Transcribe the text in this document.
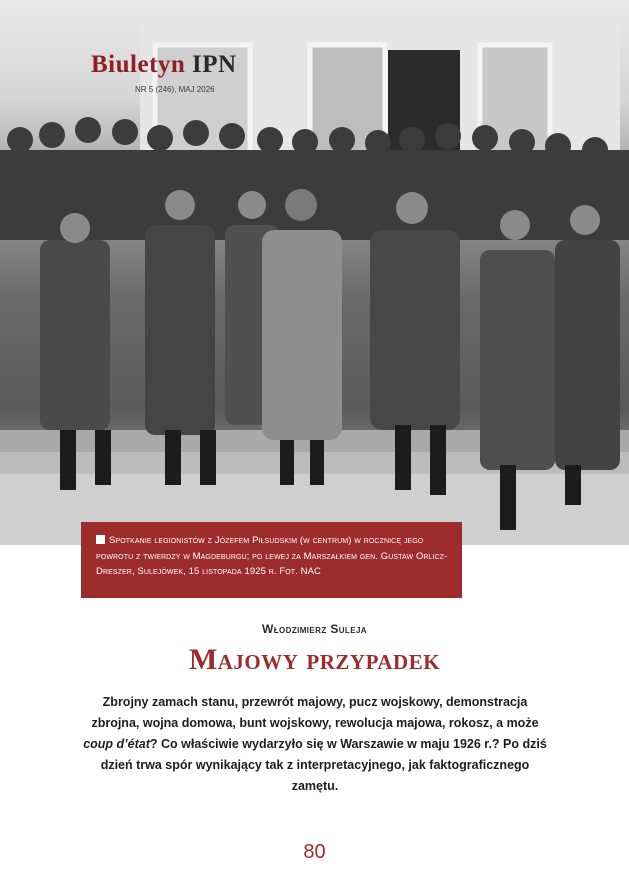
Biuletyn IPN
NR 5 (246), MAJ 2026
Spotkanie legionistów z Józefem Piłsudskim (w centrum) w rocznicę jego powrotu z twierdzy w Magdeburgu; po lewej za Marszałkiem gen. Gustaw Orlicz-Dreszer, Sulejówek, 15 listopada 1925 r. Fot. NAC
Włodzimierz Suleja
Majowy przypadek
Zbrojny zamach stanu, przewrót majowy, pucz wojskowy, demonstracja zbrojna, wojna domowa, bunt wojskowy, rewolucja majowa, rokosz, a może coup d’état? Co właściwie wydarzyło się w Warszawie w maju 1926 r.? Po dziś dzień trwa spór wynikający tak z interpretacyjnego, jak faktograficznego zamętu.
80
